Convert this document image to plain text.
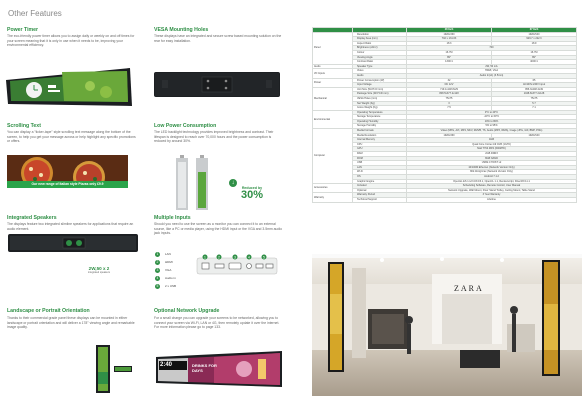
Other Features
Power Timer
The eco-friendly power timer allows you to assign daily or weekly on and off times for your screen meaning that it is only in use when it needs to be, improving your environmental efficiency.
Scrolling Text
You can display a "ticker-tape" style scrolling text message along the bottom of the screen, to help you get your message across or help highlight any specific promotions or offers.
Our new range of Italian style Pizzas only £9.9
Integrated Speakers
The displays feature two integrated slimline speakers for applications that require an audio element.
2W,50 x 2
integrated speakers
Landscape or Portrait Orientation
Thanks to their commercial grade panel these displays can be mounted in either landscape or portrait orientation and will deliver a 178° viewing angle and remarkable image quality.
VESA Mounting Holes
These displays have an integrated and secure screw based mounting solution on the rear for easy installation.
Low Power Consumption
The LED backlight technology provides improved brightness and contrast. Their lifespan is designed to reach over 70,000 hours and the power consumption is reduced by around 30%.
Reduced by
30%
↓
Multiple Inputs
Should you need to use the screen as a monitor you can connect it to an external source, like a PC or media player, using the HDMI input or the VGA and 3.5mm audio jack inputs.
1	LAN
2	HDMI
3	VGA
4	Audio in
5	2 x USB
1	2	3	4	5
Optional Network Upgrade
For a small charge you can upgrade your screens to be networked, allowing you to connect your screen via Wi-Fi, LAN or 4G, then remotely update it over the internet. For more information please go to page 133.
2:40	DRINKS FOR DAYS
		28 Inch	37 Inch
Panel	Resolution	1920x360	1920x540
	Display Area (mm)	702 x 131.63	929.7 x 222.3
	Aspect Ratio	16:3	16:9
	Brightness (cd/m²)	700	
	Colour	16.7M	16.7M
	Viewing Angle	89°	89°
	Contrast Ratio	1300:1	4000:1
Audio	Speaker Type	2W, 50 mA	
I/O Inputs	Video	HDMI, VGA	
	Audio	Audio In(x1) (3.5mm)	
Power	Power Consumption (W)	32	65
	Input Voltage	DC 12V	AC100V-240V Input
Mechanical	Unit Size (W×H×D mm)	719.1x148.8x29	956.3x248.4x49
	Package Size (W×H×D mm)	808.5x377.2x128	1048.8x377.2x128
	VESA Holes (mm)	75x75	75x75
	Net Weight (Kg)	3	5.7
	Gross Weight (Kg)	7.5	7.1
Environmental	Operating Temperature	0°C to 40°C	
	Storage Temperature	-20°C to 60°C	
	Operating Humidity	10% to 80%	
	Storage Humidity	5% to 95%	
Computer	Media Formats	Video (MPG, AVI, MP4, MKV, RMVB, TS, Audio (MP3, WMA), Image (JPG, GIF, BMP, PNG)	
	Media Resolution	1920x360	1920x540
	Internal Memory	4GB	
	CPU	Quad Core Cortex A9 CM3 (1GHz)	
	GPU	Mali T764 MP4 (600MHz)	
	RAM	2GB DDR3	
	ROM	8GB NAND	
	USB	USB2.0 HOST x2	
	LAN	10/100M Ethernet (Network Version Only)	
	Wi-Fi	802.11b/g/n/ac (Network Version Only)	
	OS	Android 7.1.2	
	Graphic Engine	OpenGL ES 1.1/2.0/3.0/3.1, OpenCL 1.1, Renderscript, DirectX9 11.1	
Accessories	Included	Scheduling Software, Remote Control, User Manual	
	Optional	Network Upgrade, Wall Mount, Floor Stand Trolley, Ceiling Mount, Table Stand	
Warranty	Warranty Period	3 Year Warranty	
	Technical Support	Lifetime	
ZARA
